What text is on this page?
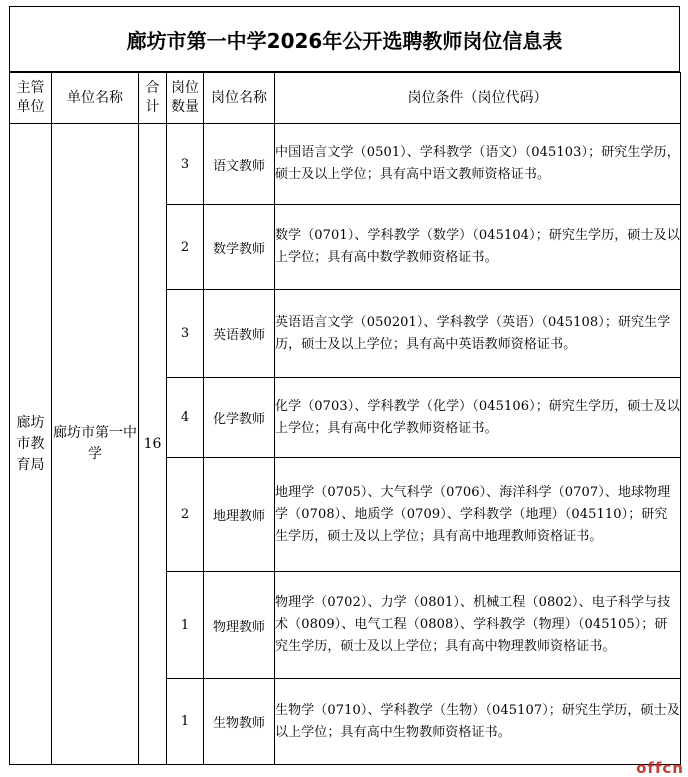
廊坊市第一中学2026年公开选聘教师岗位信息表
主管单位	单位名称	合计	岗位数量	岗位名称	岗位条件（岗位代码）
廊坊市教育局	廊坊市第一中学	16	3	语文教师	中国语言文学（0501）、学科教学（语文）（045103）；研究生学历，硕士及以上学位；具有高中语文教师资格证书。
			2	数学教师	数学（0701）、学科教学（数学）（045104）；研究生学历，硕士及以上学位；具有高中数学教师资格证书。
			3	英语教师	英语语言文学（050201）、学科教学（英语）（045108）；研究生学历，硕士及以上学位；具有高中英语教师资格证书。
			4	化学教师	化学（0703）、学科教学（化学）（045106）；研究生学历，硕士及以上学位；具有高中化学教师资格证书。
			2	地理教师	地理学（0705）、大气科学（0706）、海洋科学（0707）、地球物理学（0708）、地质学（0709）、学科教学（地理）（045110）；研究生学历，硕士及以上学位；具有高中地理教师资格证书。
			1	物理教师	物理学（0702）、力学（0801）、机械工程（0802）、电子科学与技术（0809）、电气工程（0808）、学科教学（物理）（045105）；研究生学历，硕士及以上学位；具有高中物理教师资格证书。
			1	生物教师	生物学（0710）、学科教学（生物）（045107）；研究生学历，硕士及以上学位；具有高中生物教师资格证书。
offcn
